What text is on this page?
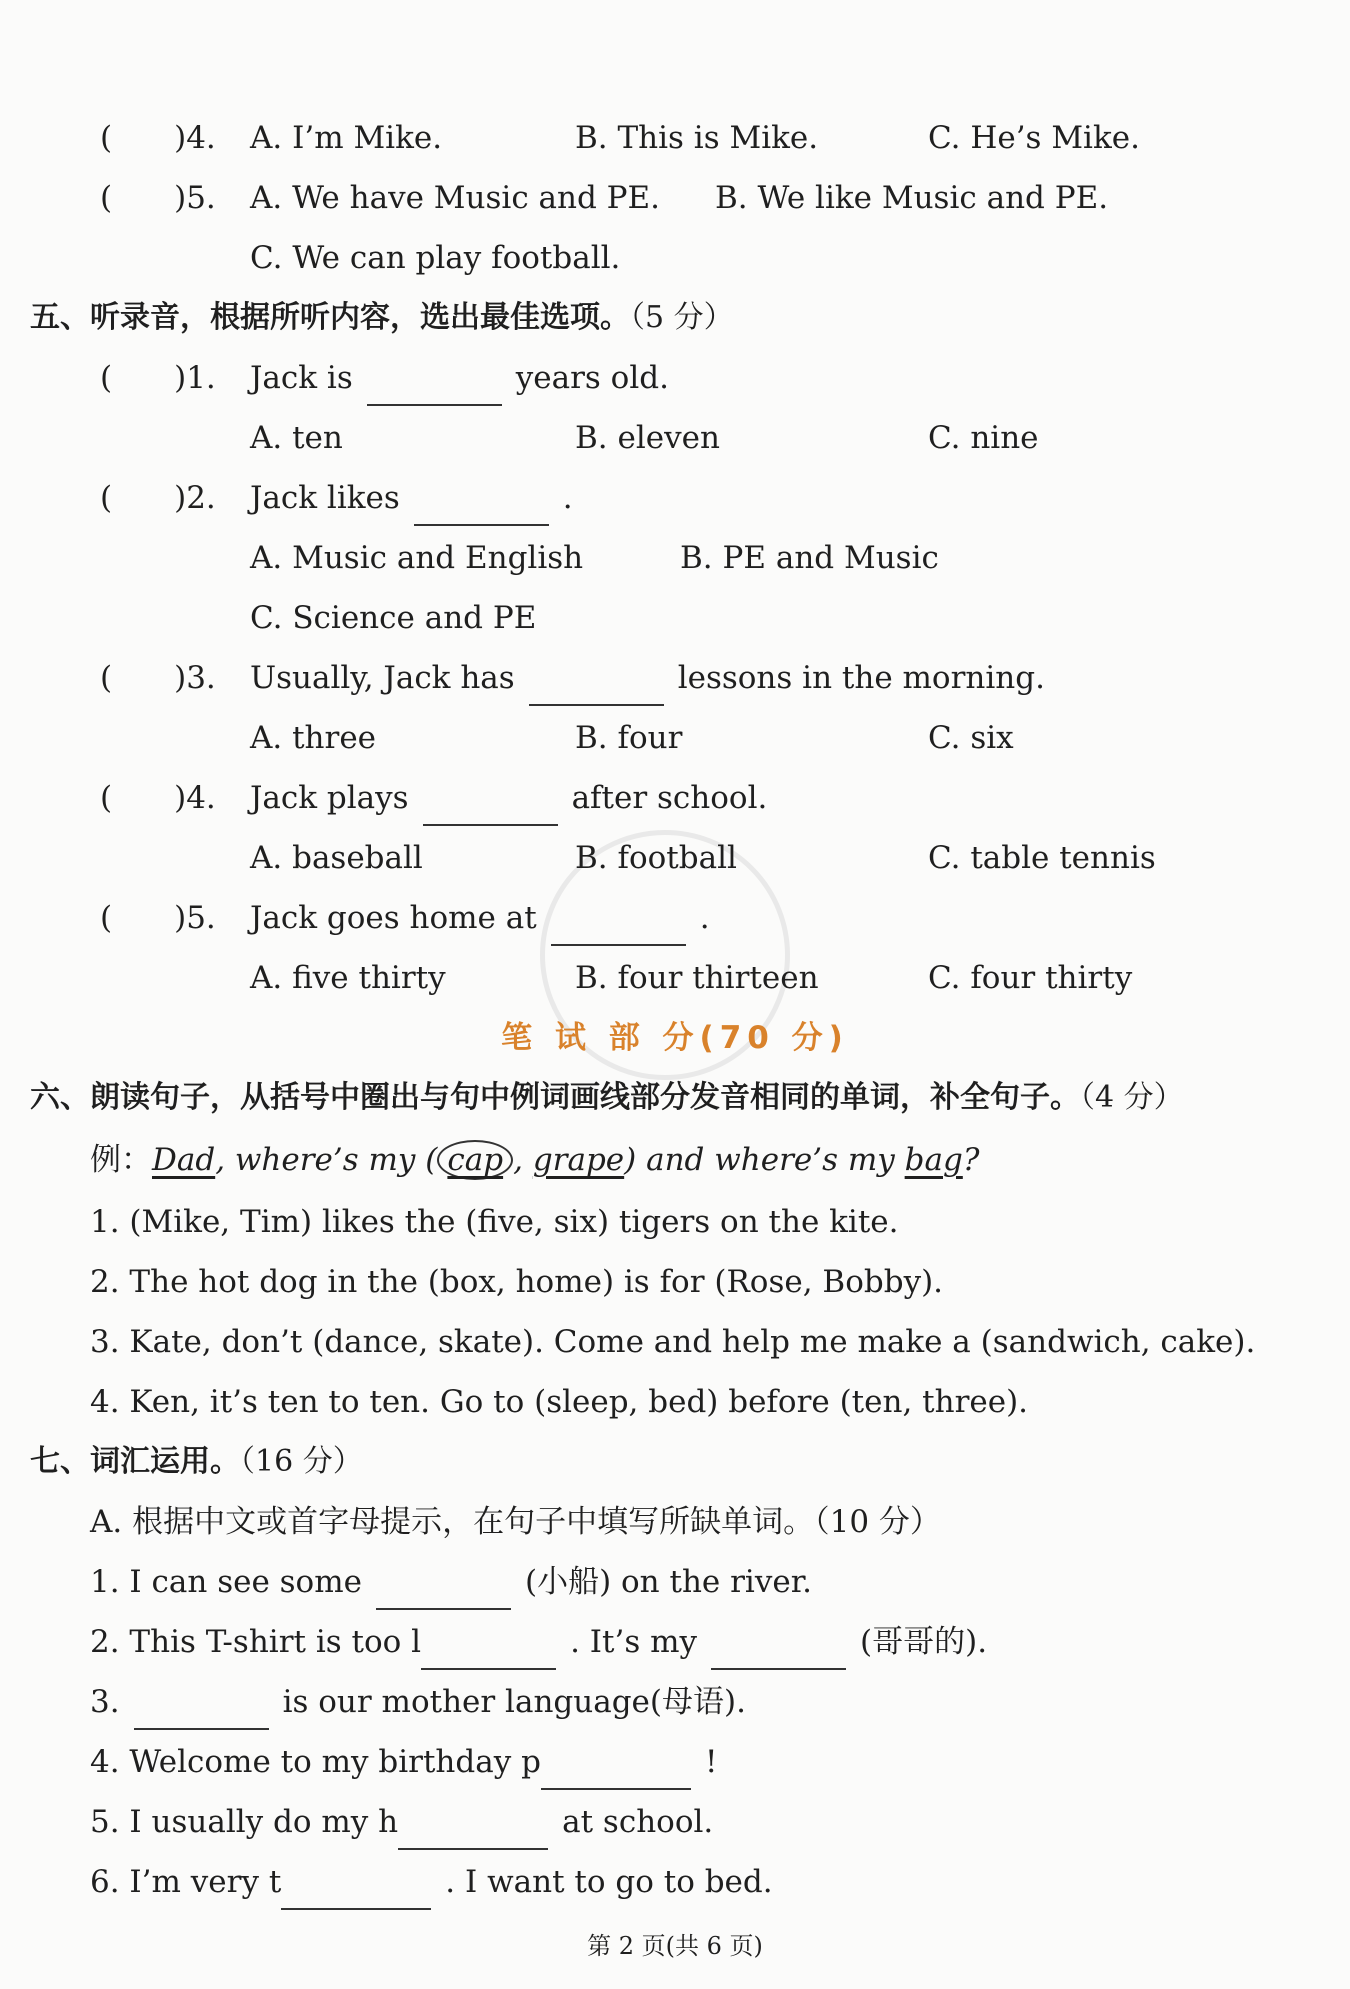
(　　)4. A. I’m Mike.	B. This is Mike.	C. He’s Mike.
(　　)5. A. We have Music and PE. B. We like Music and PE.
C. We can play football.
五、听录音，根据所听内容，选出最佳选项。（5 分）
(　　)1. Jack is	years old.
A. ten	B. eleven	C. nine
(　　)2. Jack likes	.
A. Music and English	B. PE and Music
C. Science and PE
(　　)3. Usually, Jack has	lessons in the morning.
A. three	B. four	C. six
(　　)4. Jack plays	after school.
A. baseball	B. football	C. table tennis
(　　)5. Jack goes home at	.
A. five thirty	B. four thirteen	C. four thirty
笔 试 部 分(70 分)
六、朗读句子，从括号中圈出与句中例词画线部分发音相同的单词，补全句子。（4 分）
例：Dad, where’s my ( cap , grape) and where’s my bag?
1. (Mike, Tim) likes the (five, six) tigers on the kite.
2. The hot dog in the (box, home) is for (Rose, Bobby).
3. Kate, don’t (dance, skate). Come and help me make a (sandwich, cake).
4. Ken, it’s ten to ten. Go to (sleep, bed) before (ten, three).
七、词汇运用。（16 分）
A. 根据中文或首字母提示，在句子中填写所缺单词。（10 分）
1. I can see some	(小船) on the river.
2. This T-shirt is too l	. It’s my	(哥哥的).
3.	is our mother language(母语).
4. Welcome to my birthday p	!
5. I usually do my h	at school.
6. I’m very t	. I want to go to bed.
第 2 页(共 6 页)
